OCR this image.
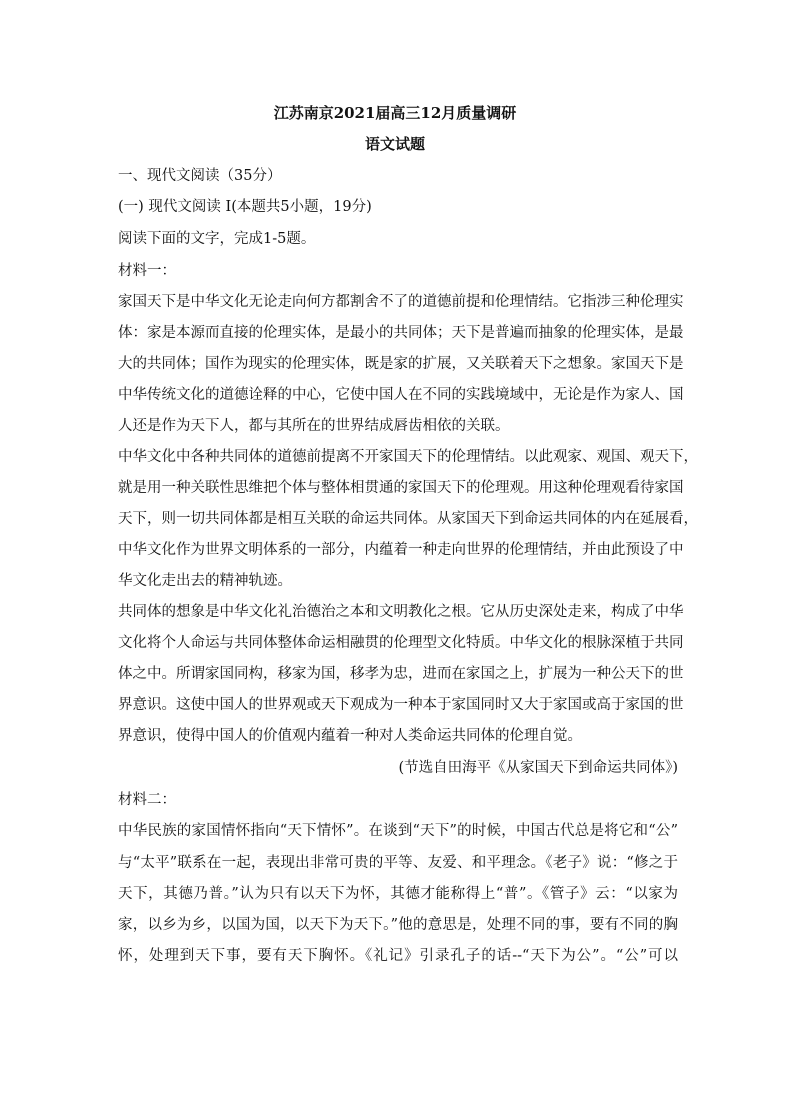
江苏南京2021届高三12月质量调研
语文试题
一、现代文阅读（35分）
(一) 现代文阅读 I(本题共5小题，19分)
阅读下面的文字，完成1-5题。
材料一：
家国天下是中华文化无论走向何方都割舍不了的道德前提和伦理情结。它指涉三种伦理实
体：家是本源而直接的伦理实体，是最小的共同体；天下是普遍而抽象的伦理实体，是最
大的共同体；国作为现实的伦理实体，既是家的扩展，又关联着天下之想象。家国天下是
中华传统文化的道德诠释的中心，它使中国人在不同的实践境域中，无论是作为家人、国
人还是作为天下人，都与其所在的世界结成唇齿相依的关联。
中华文化中各种共同体的道德前提离不开家国天下的伦理情结。以此观家、观国、观天下，
就是用一种关联性思维把个体与整体相贯通的家国天下的伦理观。用这种伦理观看待家国
天下，则一切共同体都是相互关联的命运共同体。从家国天下到命运共同体的内在延展看，
中华文化作为世界文明体系的一部分，内蕴着一种走向世界的伦理情结，并由此预设了中
华文化走出去的精神轨迹。
共同体的想象是中华文化礼治德治之本和文明教化之根。它从历史深处走来，构成了中华
文化将个人命运与共同体整体命运相融贯的伦理型文化特质。中华文化的根脉深植于共同
体之中。所谓家国同构，移家为国，移孝为忠，进而在家国之上，扩展为一种公天下的世
界意识。这使中国人的世界观或天下观成为一种本于家国同时又大于家国或高于家国的世
界意识，使得中国人的价值观内蕴着一种对人类命运共同体的伦理自觉。
(节选自田海平《从家国天下到命运共同体》)
材料二：
中华民族的家国情怀指向“天下情怀”。在谈到“天下”的时候，中国古代总是将它和“公”
与“太平”联系在一起，表现出非常可贵的平等、友爱、和平理念。《老子》说：“修之于
天下，其德乃普。”认为只有以天下为怀，其德才能称得上“普”。《管子》云：“以家为
家，以乡为乡，以国为国，以天下为天下。”他的意思是，处理不同的事，要有不同的胸
怀，处理到天下事，要有天下胸怀。《礼记》引录孔子的话--“天下为公”。“公”可以
